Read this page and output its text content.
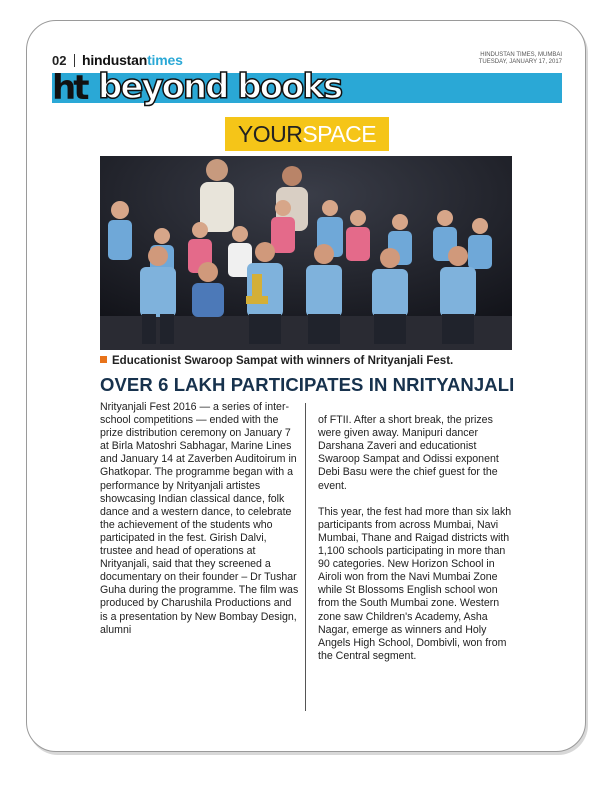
02 hindustantimes	HINDUSTAN TIMES, MUMBAI
TUESDAY, JANUARY 17, 2017
ht beyond books
YOURSPACE
Educationist Swaroop Sampat with winners of Nrityanjali Fest.
OVER 6 LAKH PARTICIPATES IN NRITYANJALI
Nrityanjali Fest 2016 — a series of inter-school competitions — ended with the prize distribution ceremony on January 7 at Birla Matoshri Sabhagar, Marine Lines and January 14 at Zaverben Auditoirum in Ghatkopar. The programme began with a performance by Nrityanjali artistes showcasing Indian classical dance, folk dance and a western dance, to celebrate the achievement of the students who participated in the fest. Girish Dalvi, trustee and head of operations at Nrityanjali, said that they screened a documentary on their founder – Dr Tushar Guha during the programme. The film was produced by Charushila Productions and is a presentation by New Bombay Design, alumni

of FTII. After a short break, the prizes were given away. Manipuri dancer Darshana Zaveri and educationist Swaroop Sampat and Odissi exponent Debi Basu were the chief guest for the event.

This year, the fest had more than six lakh participants from across Mumbai, Navi Mumbai, Thane and Raigad districts with 1,100 schools participating in more than 90 categories. New Horizon School in Airoli won from the Navi Mumbai Zone while St Blossoms English school won from the South Mumbai zone. Western zone saw Children's Academy, Asha Nagar, emerge as winners and Holy Angels High School, Dombivli, won from the Central segment.
